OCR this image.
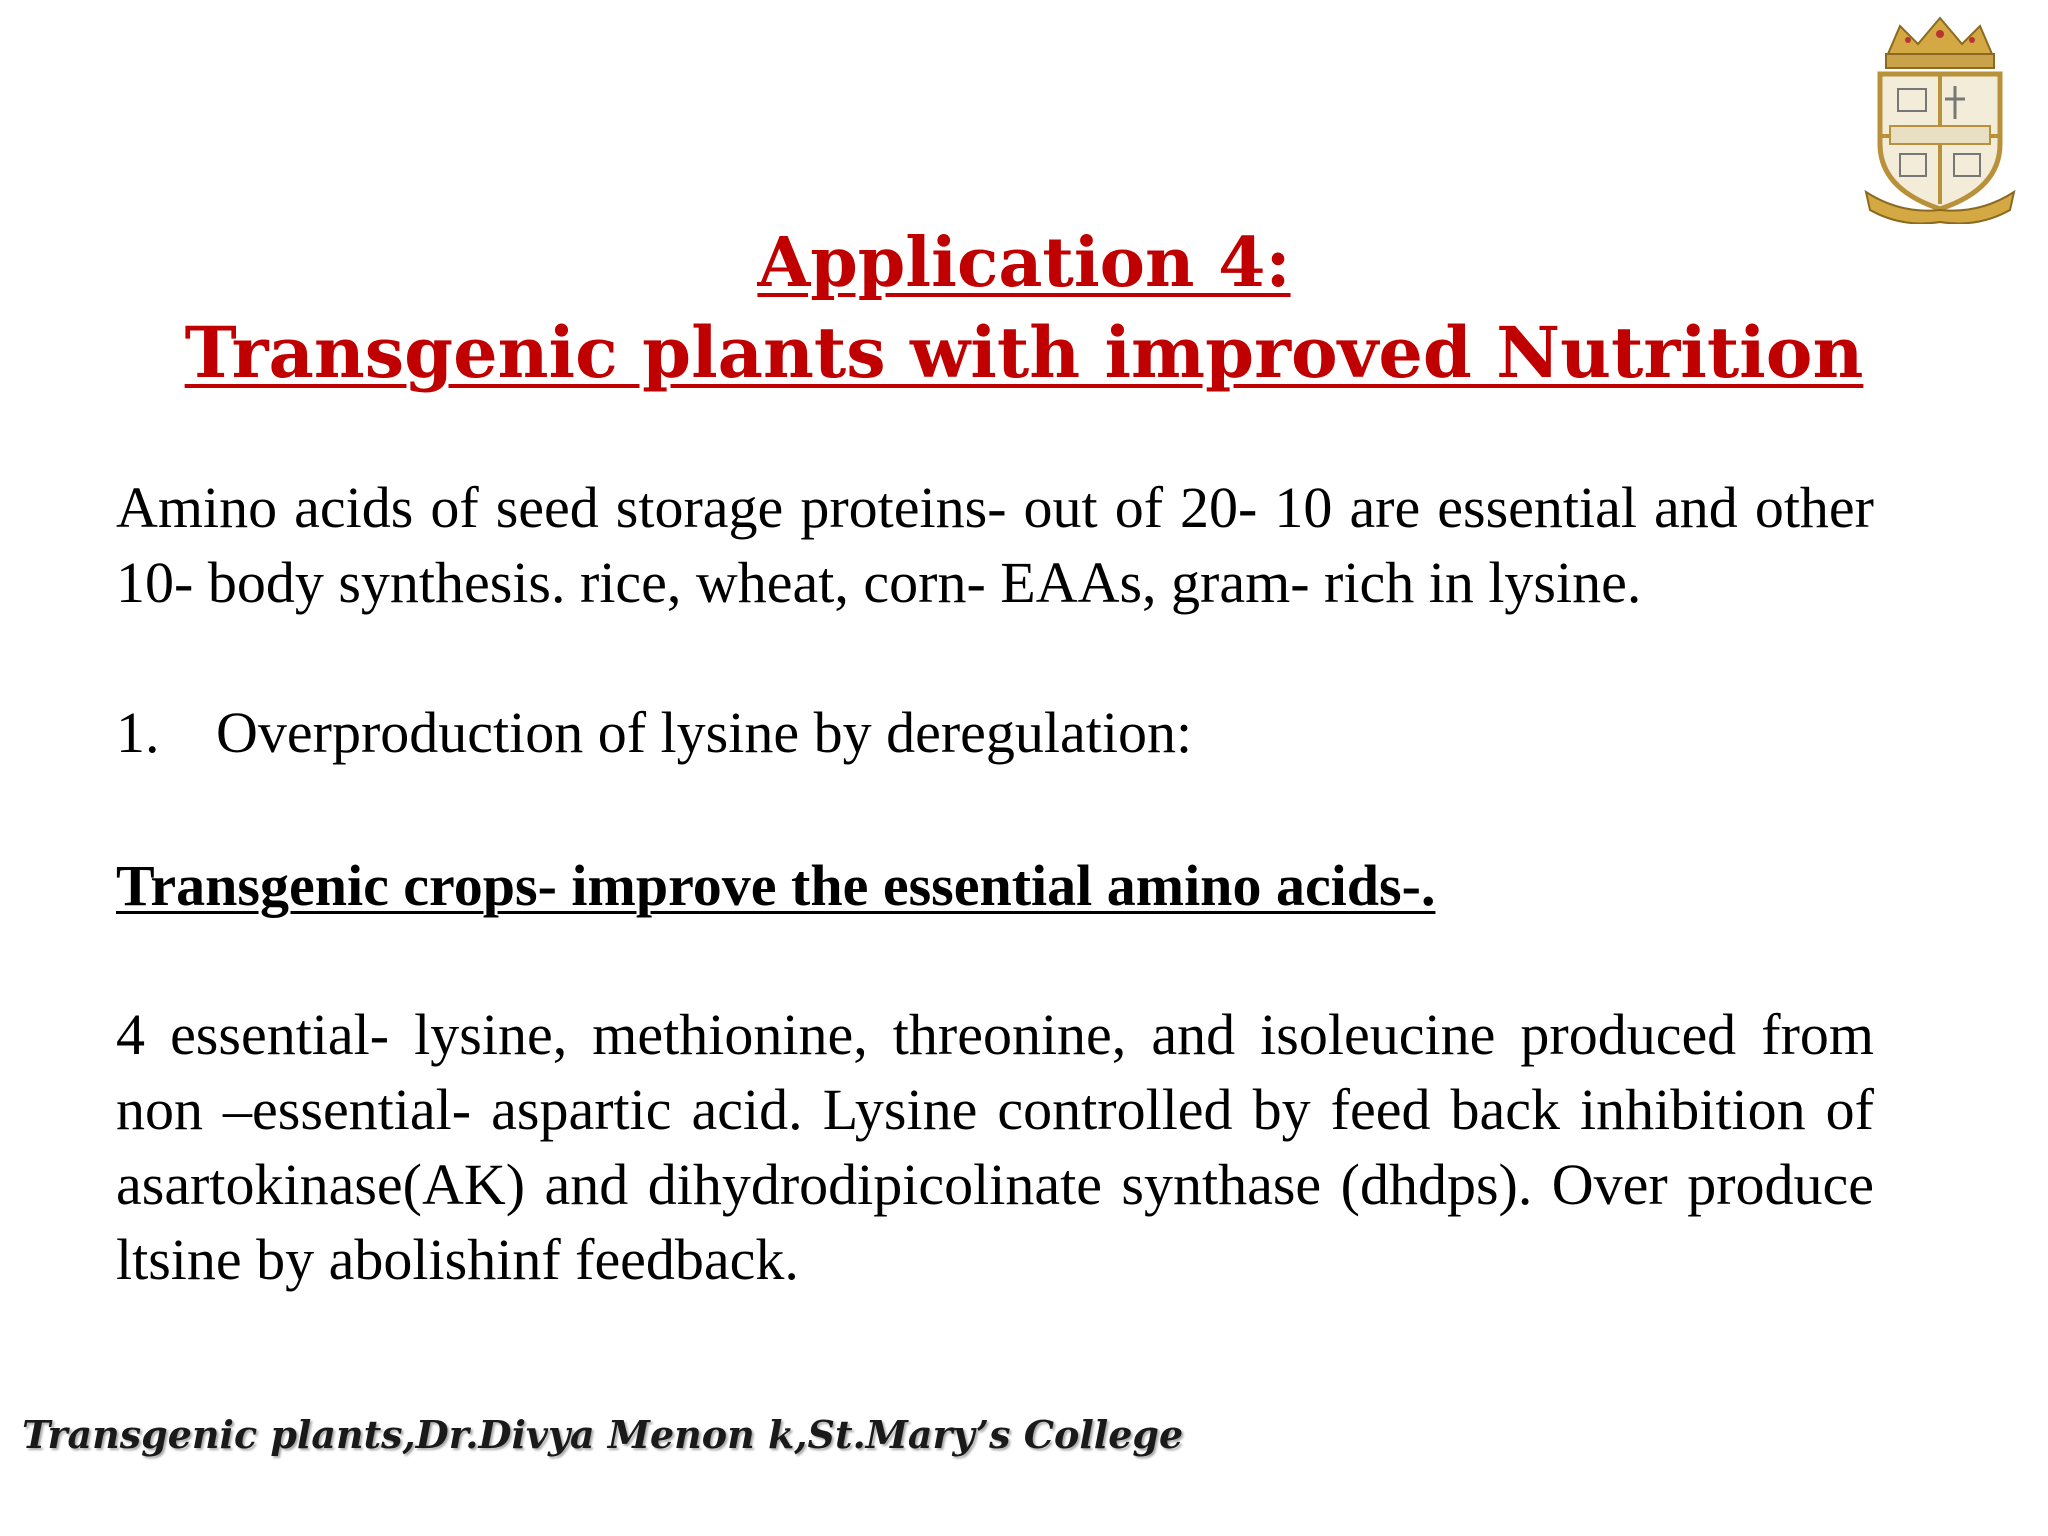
Application 4:
Transgenic plants with improved Nutrition

Amino acids of seed storage proteins- out of 20- 10 are essential and other 10- body synthesis. rice, wheat, corn- EAAs, gram- rich in lysine.

1. Overproduction of lysine by deregulation:
Transgenic crops- improve the essential amino acids-.

4 essential- lysine, methionine, threonine, and isoleucine produced from non –essential- aspartic acid. Lysine controlled by feed back inhibition of asartokinase(AK) and dihydrodipicolinate synthase (dhdps). Over produce ltsine by abolishinf feedback.

Transgenic plants,Dr.Divya Menon k,St.Mary’s College
